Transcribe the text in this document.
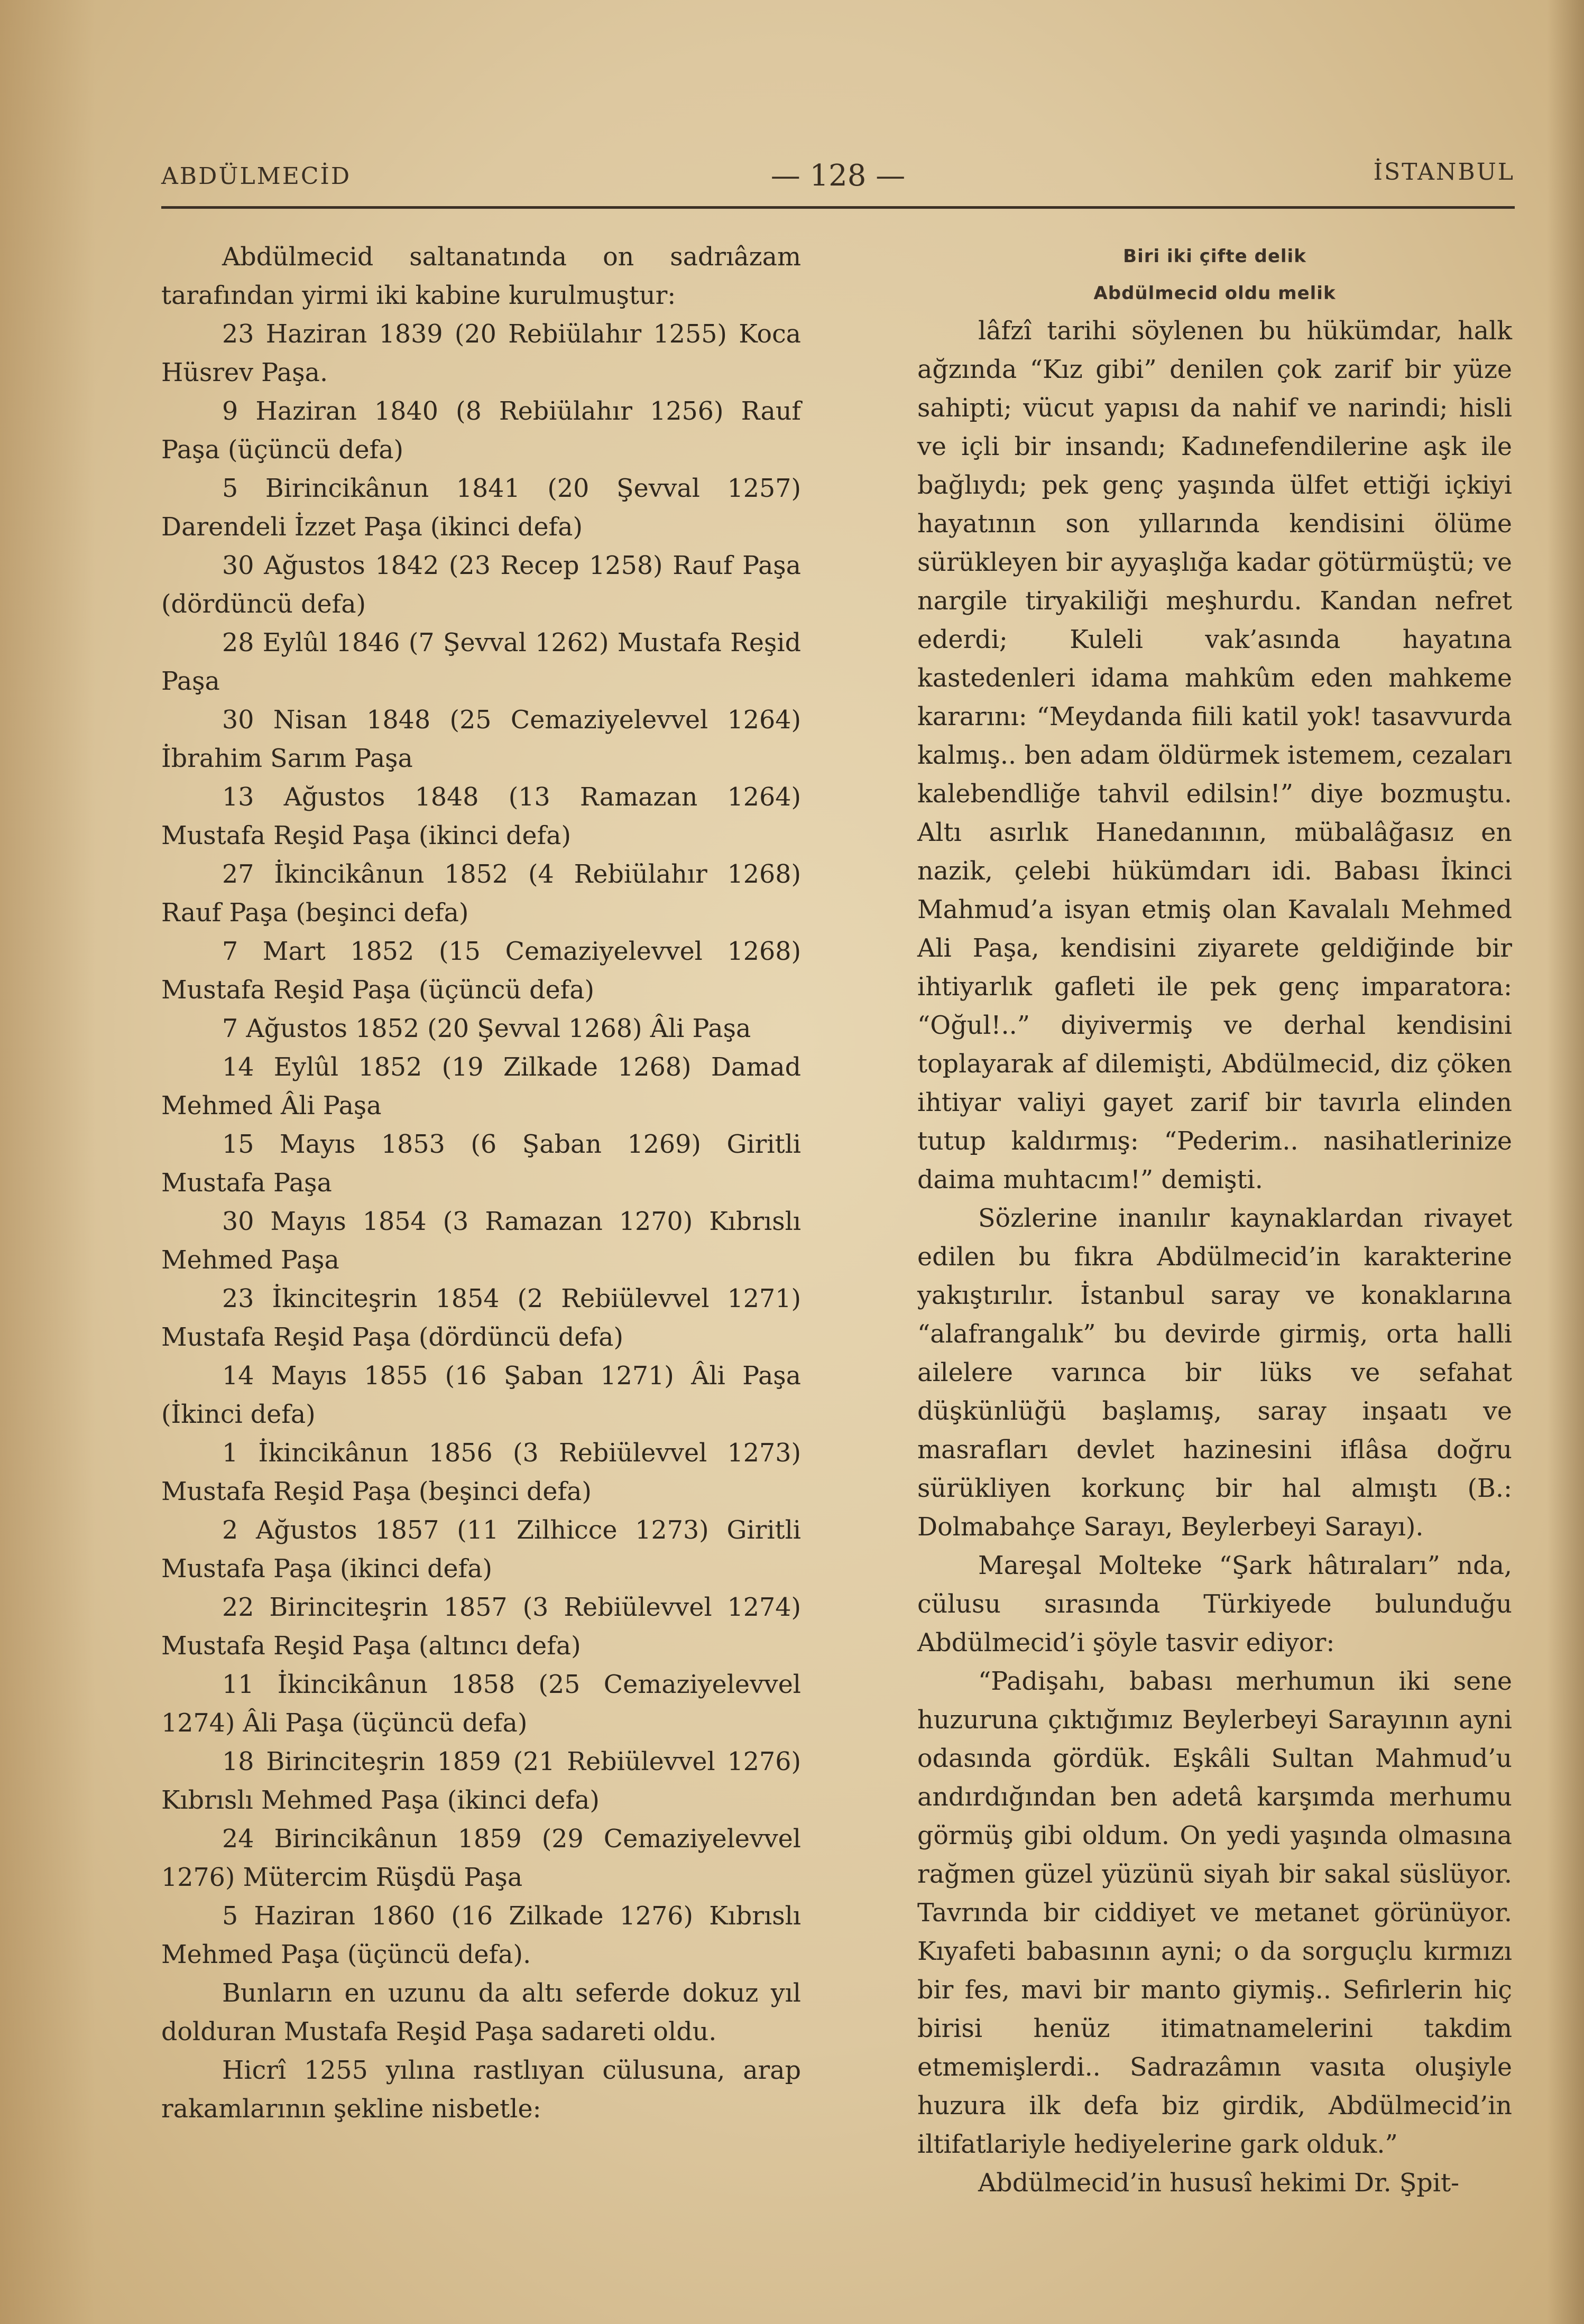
ABDÜLMECİD	— 128 —	İSTANBUL

Abdülmecid saltanatında on sadrıâzam tarafından yirmi iki kabine kurulmuştur:

23 Haziran 1839 (20 Rebiülahır 1255) Koca Hüsrev Paşa.

9 Haziran 1840 (8 Rebiülahır 1256) Rauf Paşa (üçüncü defa)

5 Birincikânun 1841 (20 Şevval 1257) Darendeli İzzet Paşa (ikinci defa)

30 Ağustos 1842 (23 Recep 1258) Rauf Paşa (dördüncü defa)

28 Eylûl 1846 (7 Şevval 1262) Mustafa Reşid Paşa

30 Nisan 1848 (25 Cemaziyelevvel 1264) İbrahim Sarım Paşa

13 Ağustos 1848 (13 Ramazan 1264) Mustafa Reşid Paşa (ikinci defa)

27 İkincikânun 1852 (4 Rebiülahır 1268) Rauf Paşa (beşinci defa)

7 Mart 1852 (15 Cemaziyelevvel 1268) Mustafa Reşid Paşa (üçüncü defa)

7 Ağustos 1852 (20 Şevval 1268) Âli Paşa

14 Eylûl 1852 (19 Zilkade 1268) Damad Mehmed Âli Paşa

15 Mayıs 1853 (6 Şaban 1269) Giritli Mustafa Paşa

30 Mayıs 1854 (3 Ramazan 1270) Kıbrıslı Mehmed Paşa

23 İkinciteşrin 1854 (2 Rebiülevvel 1271) Mustafa Reşid Paşa (dördüncü defa)

14 Mayıs 1855 (16 Şaban 1271) Âli Paşa (İkinci defa)

1 İkincikânun 1856 (3 Rebiülevvel 1273) Mustafa Reşid Paşa (beşinci defa)

2 Ağustos 1857 (11 Zilhicce 1273) Giritli Mustafa Paşa (ikinci defa)

22 Birinciteşrin 1857 (3 Rebiülevvel 1274) Mustafa Reşid Paşa (altıncı defa)

11 İkincikânun 1858 (25 Cemaziyelevvel 1274) Âli Paşa (üçüncü defa)

18 Birinciteşrin 1859 (21 Rebiülevvel 1276) Kıbrıslı Mehmed Paşa (ikinci defa)

24 Birincikânun 1859 (29 Cemaziyelevvel 1276) Mütercim Rüşdü Paşa

5 Haziran 1860 (16 Zilkade 1276) Kıbrıslı Mehmed Paşa (üçüncü defa).

Bunların en uzunu da altı seferde dokuz yıl dolduran Mustafa Reşid Paşa sadareti oldu.

Hicrî 1255 yılına rastlıyan cülusuna, arap rakamlarının şekline nisbetle:

Biri iki çifte delik
Abdülmecid oldu melik

lâfzî tarihi söylenen bu hükümdar, halk ağzında “Kız gibi” denilen çok zarif bir yüze sahipti; vücut yapısı da nahif ve narindi; hisli ve içli bir insandı; Kadınefendilerine aşk ile bağlıydı; pek genç yaşında ülfet ettiği içkiyi hayatının son yıllarında kendisini ölüme sürükleyen bir ayyaşlığa kadar götürmüştü; ve nargile tiryakiliği meşhurdu. Kandan nefret ederdi; Kuleli vak’asında hayatına kastedenleri idama mahkûm eden mahkeme kararını: “Meydanda fiili katil yok! tasavvurda kalmış.. ben adam öldürmek istemem, cezaları kalebendliğe tahvil edilsin!” diye bozmuştu. Altı asırlık Hanedanının, mübalâğasız en nazik, çelebi hükümdarı idi. Babası İkinci Mahmud’a isyan etmiş olan Kavalalı Mehmed Ali Paşa, kendisini ziyarete geldiğinde bir ihtiyarlık gafleti ile pek genç imparatora: “Oğul!..” diyivermiş ve derhal kendisini toplayarak af dilemişti, Abdülmecid, diz çöken ihtiyar valiyi gayet zarif bir tavırla elinden tutup kaldırmış: “Pederim.. nasihatlerinize daima muhtacım!” demişti.

Sözlerine inanılır kaynaklardan rivayet edilen bu fıkra Abdülmecid’in karakterine yakıştırılır. İstanbul saray ve konaklarına “alafrangalık” bu devirde girmiş, orta halli ailelere varınca bir lüks ve sefahat düşkünlüğü başlamış, saray inşaatı ve masrafları devlet hazinesini iflâsa doğru sürükliyen korkunç bir hal almıştı (B.: Dolmabahçe Sarayı, Beylerbeyi Sarayı).

Mareşal Molteke “Şark hâtıraları” nda, cülusu sırasında Türkiyede bulunduğu Abdülmecid’i şöyle tasvir ediyor:

“Padişahı, babası merhumun iki sene huzuruna çıktığımız Beylerbeyi Sarayının ayni odasında gördük. Eşkâli Sultan Mahmud’u andırdığından ben adetâ karşımda merhumu görmüş gibi oldum. On yedi yaşında olmasına rağmen güzel yüzünü siyah bir sakal süslüyor. Tavrında bir ciddiyet ve metanet görünüyor. Kıyafeti babasının ayni; o da sorguçlu kırmızı bir fes, mavi bir manto giymiş.. Sefirlerin hiç birisi henüz itimatnamelerini takdim etmemişlerdi.. Sadrazâmın vasıta oluşiyle huzura ilk defa biz girdik, Abdülmecid’in iltifatlariyle hediyelerine gark olduk.”

Abdülmecid’in hususî hekimi Dr. Şpit-
